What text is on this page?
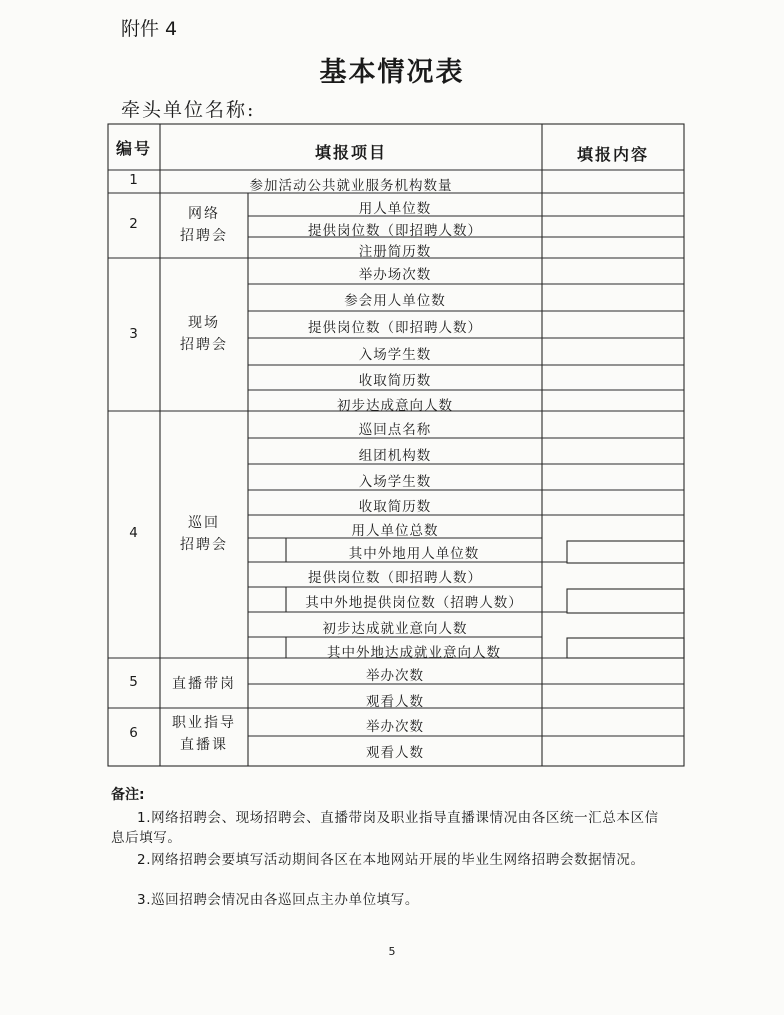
附件 4
基本情况表
牵头单位名称:
编号	填报项目	填报内容
1
2
3
4
5
6
网络
招聘会
现场
招聘会
巡回
招聘会
直播带岗
职业指导
直播课
参加活动公共就业服务机构数量
用人单位数
提供岗位数（即招聘人数）
注册简历数
举办场次数
参会用人单位数
提供岗位数（即招聘人数）
入场学生数
收取简历数
初步达成意向人数
巡回点名称
组团机构数
入场学生数
收取简历数
用人单位总数
其中外地用人单位数
提供岗位数（即招聘人数）
其中外地提供岗位数（招聘人数）
初步达成就业意向人数
其中外地达成就业意向人数
举办次数
观看人数
举办次数
观看人数
备注:
1.网络招聘会、现场招聘会、直播带岗及职业指导直播课情况由各区统一汇总本区信息后填写。
2.网络招聘会要填写活动期间各区在本地网站开展的毕业生网络招聘会数据情况。
3.巡回招聘会情况由各巡回点主办单位填写。
5
